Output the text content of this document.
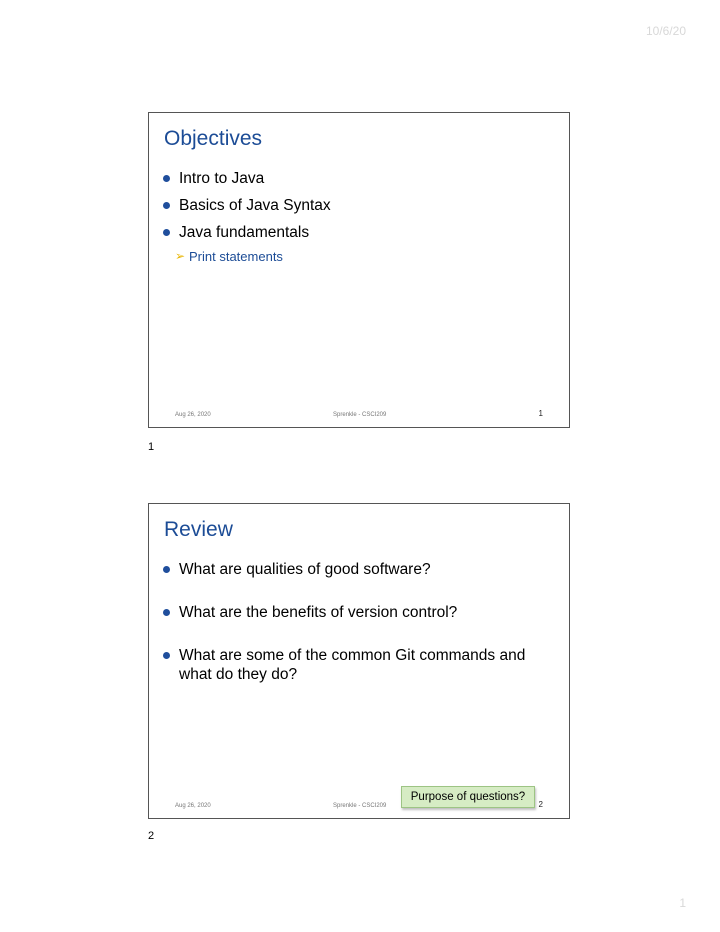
10/6/20
Objectives
Intro to Java
Basics of Java Syntax
Java fundamentals
➢ Print statements
Aug 26, 2020	Sprenkle - CSCI209	1
1
Review
What are qualities of good software?
What are the benefits of version control?
What are some of the common Git commands and what do they do?
Purpose of questions?
Aug 26, 2020	Sprenkle - CSCI209	2
2
1
